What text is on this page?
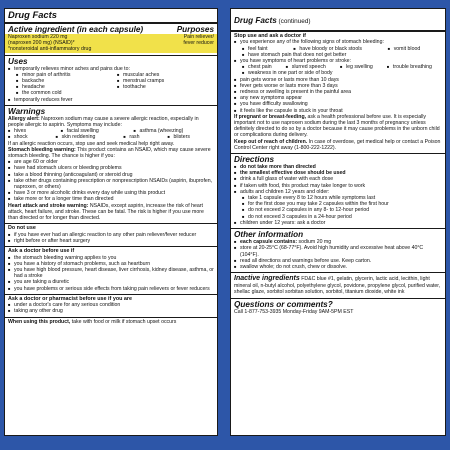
Drug Facts
Active ingredient (in each capsule)	Purposes
Naproxen sodium 220 mg	Pain reliever/
(naproxen 200 mg) (NSAID)*	fever reducer
*nonsteroidal anti-inflammatory drug
Uses
■ temporarily relieves minor aches and pains due to:
■ minor pain of arthritis	■ muscular aches
■ backache	■ menstrual cramps
■ headache	■ toothache
■ the common cold
■ temporarily reduces fever
Warnings

Allergy alert: Naproxen sodium may cause a severe allergic reaction, especially in people allergic to aspirin. Symptoms may include:

■ hives	■ facial swelling	■ asthma (wheezing)
■ shock	■ skin reddening	■ rash	■ blisters

If an allergic reaction occurs, stop use and seek medical help right away.

Stomach bleeding warning: This product contains an NSAID, which may cause severe stomach bleeding. The chance is higher if you:

■ are age 60 or older
■ have had stomach ulcers or bleeding problems
■ take a blood thinning (anticoagulant) or steroid drug
■ take other drugs containing prescription or nonprescription NSAIDs (aspirin, ibuprofen, naproxen, or others)
■ have 3 or more alcoholic drinks every day while using this product
■ take more or for a longer time than directed

Heart attack and stroke warning: NSAIDs, except aspirin, increase the risk of heart attack, heart failure, and stroke. These can be fatal. The risk is higher if you use more than directed or for longer than directed.

Do not use
■ if you have ever had an allergic reaction to any other pain reliever/fever reducer
■ right before or after heart surgery
Ask a doctor before use if
■ the stomach bleeding warning applies to you
■ you have a history of stomach problems, such as heartburn
■ you have high blood pressure, heart disease, liver cirrhosis, kidney disease, asthma, or had a stroke
■ you are taking a diuretic
■ you have problems or serious side effects from taking pain relievers or fever reducers
Ask a doctor or pharmacist before use if you are
■ under a doctor's care for any serious condition
■ taking any other drug

When using this product, take with food or milk if stomach upset occurs

Drug Facts (continued)
Stop use and ask a doctor if
■ you experience any of the following signs of stomach bleeding:
■ feel faint	■ have bloody or black stools	■ vomit blood
■ have stomach pain that does not get better
■ you have symptoms of heart problems or stroke:
■ chest pain	■ slurred speech	■ leg swelling	■ trouble breathing
■ weakness in one part or side of body
■ pain gets worse or lasts more than 10 days
■ fever gets worse or lasts more than 3 days
■ redness or swelling is present in the painful area
■ any new symptoms appear
■ you have difficulty swallowing
■ it feels like the capsule is stuck in your throat

If pregnant or breast-feeding, ask a health professional before use. It is especially important not to use naproxen sodium during the last 3 months of pregnancy unless definitely directed to do so by a doctor because it may cause problems in the unborn child or complications during delivery.

Keep out of reach of children. In case of overdose, get medical help or contact a Poison Control Center right away (1-800-222-1222).

Directions
■ do not take more than directed
■ the smallest effective dose should be used
■ drink a full glass of water with each dose
■ if taken with food, this product may take longer to work
■ adults and children 12 years and older:
■ take 1 capsule every 8 to 12 hours while symptoms last
■ for the first dose you may take 2 capsules within the first hour
■ do not exceed 2 capsules in any 8- to 12-hour period
■ do not exceed 3 capsules in a 24-hour period
■ children under 12 years: ask a doctor
Other information
■ each capsule contains: sodium 20 mg
■ store at 20-25°C (68-77°F). Avoid high humidity and excessive heat above 40°C (104°F).
■ read all directions and warnings before use. Keep carton.
■ swallow whole; do not crush, chew or dissolve.

Inactive ingredients FD&C blue #1, gelatin, glycerin, lactic acid, lecithin, light mineral oil, n-butyl alcohol, polyethylene glycol, povidone, propylene glycol, purified water, shellac glaze, sorbitol sorbitan solution, sorbitol, titanium dioxide, white ink

Questions or comments?

Call 1-877-753-3935 Monday-Friday 9AM-5PM EST
